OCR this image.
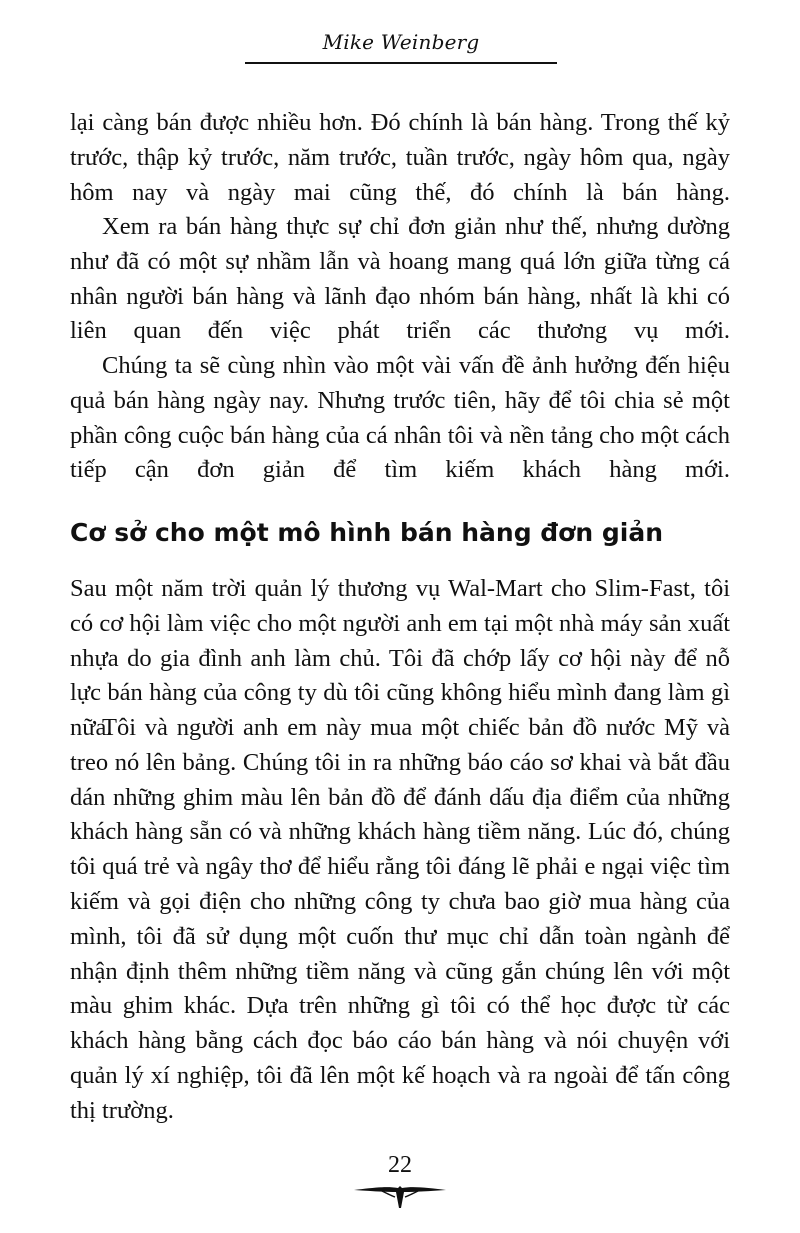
Mike Weinberg

lại càng bán được nhiều hơn. Đó chính là bán hàng. Trong thế kỷ trước, thập kỷ trước, năm trước, tuần trước, ngày hôm qua, ngày hôm nay và ngày mai cũng thế, đó chính là bán hàng.

Xem ra bán hàng thực sự chỉ đơn giản như thế, nhưng dường như đã có một sự nhầm lẫn và hoang mang quá lớn giữa từng cá nhân người bán hàng và lãnh đạo nhóm bán hàng, nhất là khi có liên quan đến việc phát triển các thương vụ mới.

Chúng ta sẽ cùng nhìn vào một vài vấn đề ảnh hưởng đến hiệu quả bán hàng ngày nay. Nhưng trước tiên, hãy để tôi chia sẻ một phần công cuộc bán hàng của cá nhân tôi và nền tảng cho một cách tiếp cận đơn giản để tìm kiếm khách hàng mới.

Cơ sở cho một mô hình bán hàng đơn giản

Sau một năm trời quản lý thương vụ Wal-Mart cho Slim-Fast, tôi có cơ hội làm việc cho một người anh em tại một nhà máy sản xuất nhựa do gia đình anh làm chủ. Tôi đã chớp lấy cơ hội này để nỗ lực bán hàng của công ty dù tôi cũng không hiểu mình đang làm gì nữa.

Tôi và người anh em này mua một chiếc bản đồ nước Mỹ và treo nó lên bảng. Chúng tôi in ra những báo cáo sơ khai và bắt đầu dán những ghim màu lên bản đồ để đánh dấu địa điểm của những khách hàng sẵn có và những khách hàng tiềm năng. Lúc đó, chúng tôi quá trẻ và ngây thơ để hiểu rằng tôi đáng lẽ phải e ngại việc tìm kiếm và gọi điện cho những công ty chưa bao giờ mua hàng của mình, tôi đã sử dụng một cuốn thư mục chỉ dẫn toàn ngành để nhận định thêm những tiềm năng và cũng gắn chúng lên với một màu ghim khác. Dựa trên những gì tôi có thể học được từ các khách hàng bằng cách đọc báo cáo bán hàng và nói chuyện với quản lý xí nghiệp, tôi đã lên một kế hoạch và ra ngoài để tấn công thị trường.

22
